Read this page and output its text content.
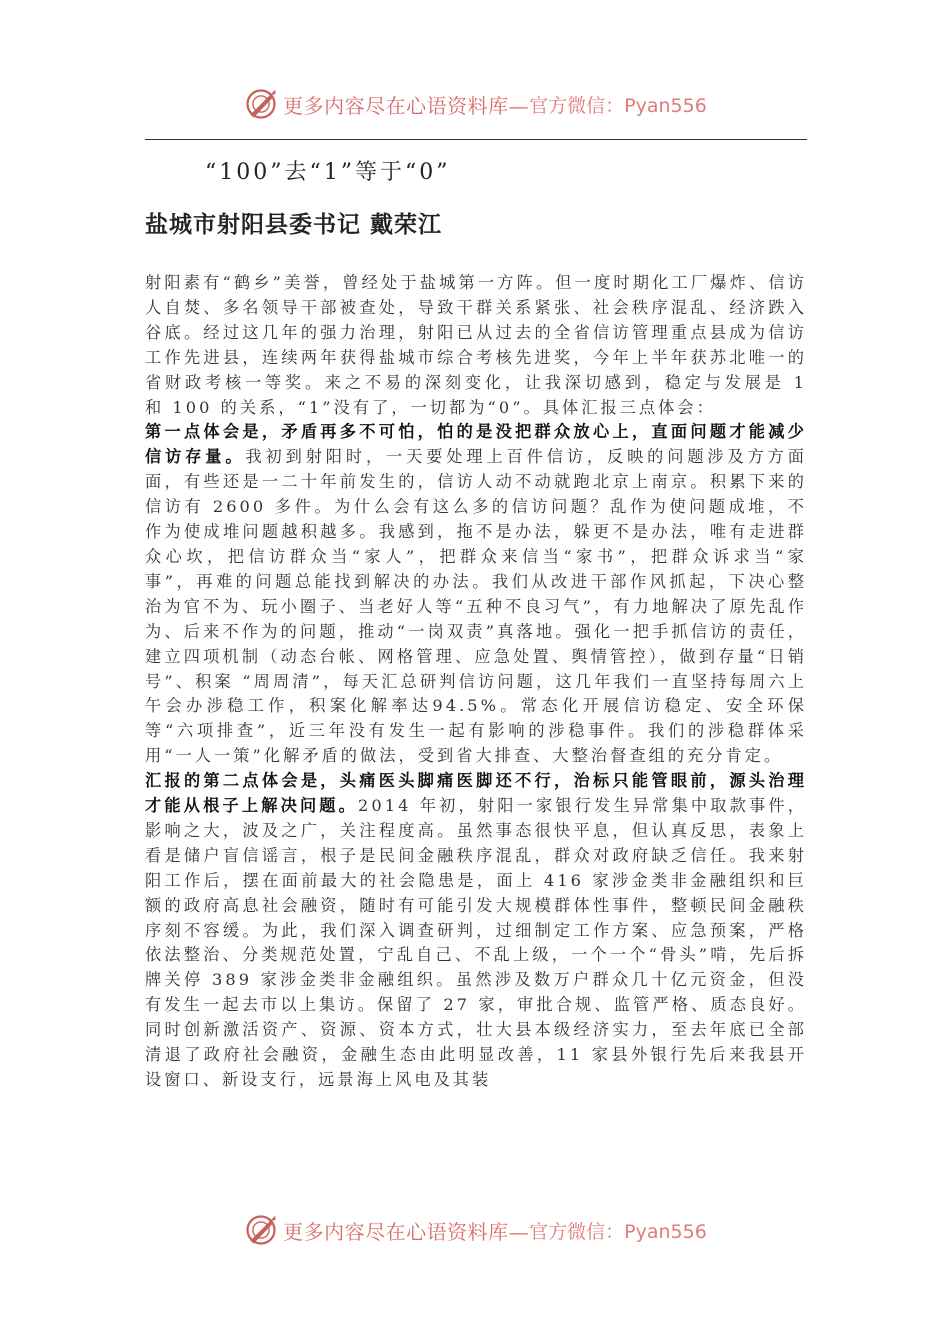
更多内容尽在心语资料库— 官方微信：Pyan556
“100”去“1”等于“0”
盐城市射阳县委书记 戴荣江

射阳素有“鹤乡”美誉，曾经处于盐城第一方阵。但一度时期化工厂爆炸、信访人自焚、多名领导干部被查处，导致干群关系紧张、社会秩序混乱、经济跌入谷底。经过这几年的强力治理，射阳已从过去的全省信访管理重点县成为信访工作先进县，连续两年获得盐城市综合考核先进奖，今年上半年获苏北唯一的省财政考核一等奖。来之不易的深刻变化，让我深切感到，稳定与发展是 1 和 100 的关系，“1”没有了，一切都为“0”。具体汇报三点体会：

第一点体会是，矛盾再多不可怕，怕的是没把群众放心上，直面问题才能减少信访存量。我初到射阳时，一天要处理上百件信访，反映的问题涉及方方面面，有些还是一二十年前发生的，信访人动不动就跑北京上南京。积累下来的信访有 2600 多件。为什么会有这么多的信访问题？乱作为使问题成堆，不作为使成堆问题越积越多。我感到，拖不是办法，躲更不是办法，唯有走进群众心坎，把信访群众当“家人”，把群众来信当“家书”，把群众诉求当“家事”，再难的问题总能找到解决的办法。我们从改进干部作风抓起，下决心整治为官不为、玩小圈子、当老好人等“五种不良习气”，有力地解决了原先乱作为、后来不作为的问题，推动“一岗双责”真落地。强化一把手抓信访的责任，建立四项机制（动态台帐、网格管理、应急处置、舆情管控），做到存量“日销号”、积案 “周周清”，每天汇总研判信访问题，这几年我们一直坚持每周六上午会办涉稳工作，积案化解率达94.5%。常态化开展信访稳定、安全环保等“六项排查”，近三年没有发生一起有影响的涉稳事件。我们的涉稳群体采用“一人一策”化解矛盾的做法，受到省大排查、大整治督查组的充分肯定。

汇报的第二点体会是，头痛医头脚痛医脚还不行，治标只能管眼前，源头治理才能从根子上解决问题。2014 年初，射阳一家银行发生异常集中取款事件，影响之大，波及之广，关注程度高。虽然事态很快平息，但认真反思，表象上看是储户盲信谣言，根子是民间金融秩序混乱，群众对政府缺乏信任。我来射阳工作后，摆在面前最大的社会隐患是，面上 416 家涉金类非金融组织和巨额的政府高息社会融资，随时有可能引发大规模群体性事件，整顿民间金融秩序刻不容缓。为此，我们深入调查研判，过细制定工作方案、应急预案，严格依法整治、分类规范处置，宁乱自己、不乱上级，一个一个“骨头”啃，先后拆牌关停 389 家涉金类非金融组织。虽然涉及数万户群众几十亿元资金，但没有发生一起去市以上集访。保留了 27 家，审批合规、监管严格、质态良好。同时创新激活资产、资源、资本方式，壮大县本级经济实力，至去年底已全部清退了政府社会融资，金融生态由此明显改善，11 家县外银行先后来我县开设窗口、新设支行，远景海上风电及其装

更多内容尽在心语资料库— 官方微信：Pyan556
